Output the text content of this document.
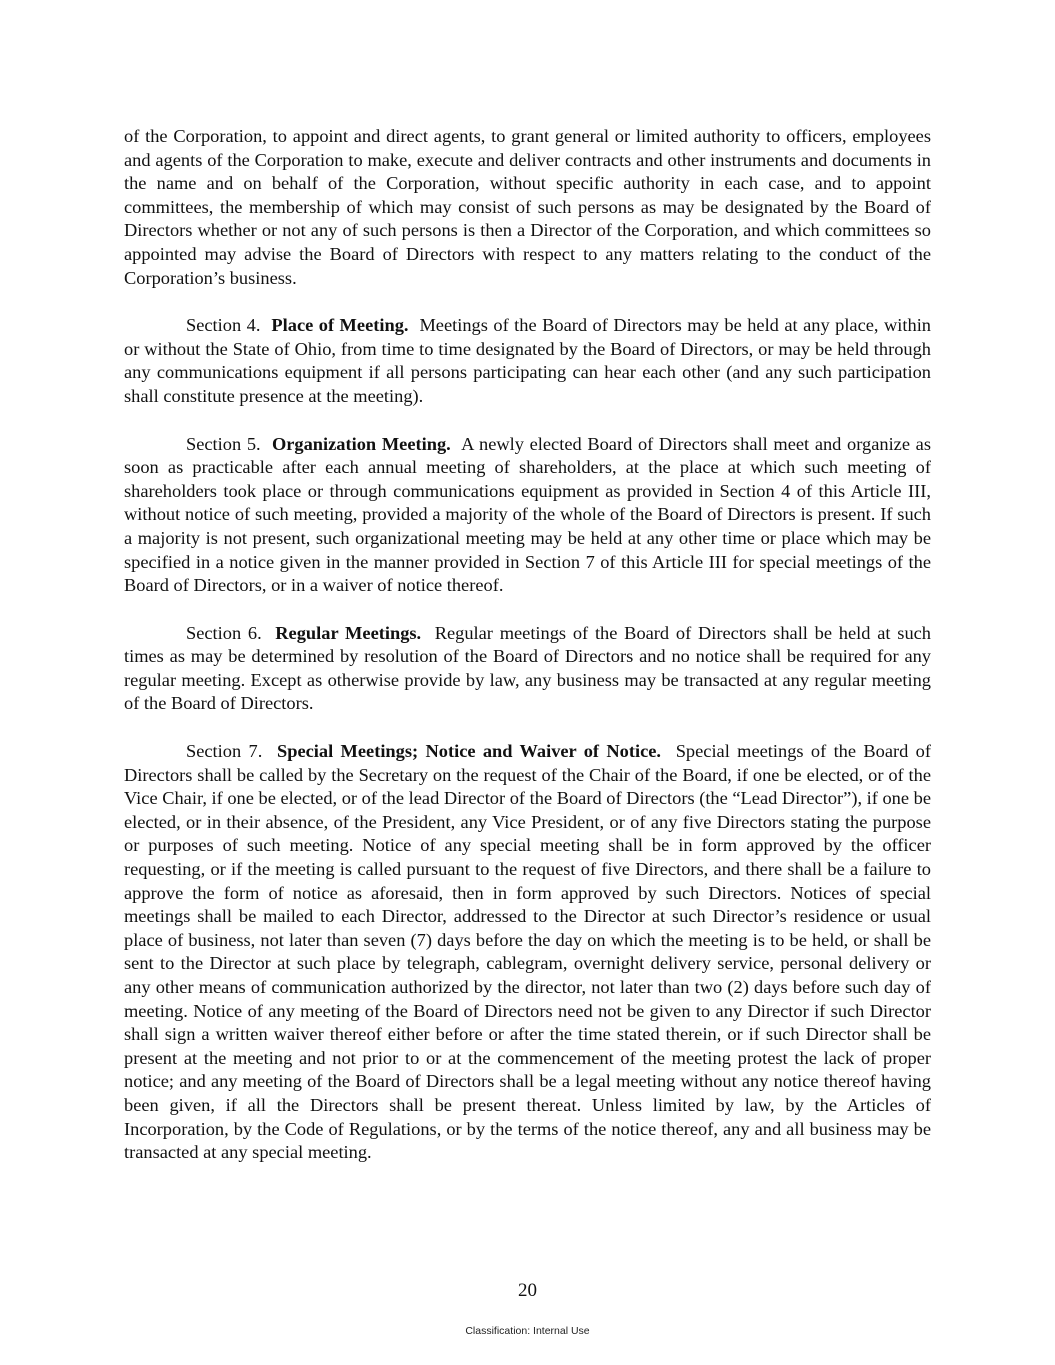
of the Corporation, to appoint and direct agents, to grant general or limited authority to officers, employees and agents of the Corporation to make, execute and deliver contracts and other instruments and documents in the name and on behalf of the Corporation, without specific authority in each case, and to appoint committees, the membership of which may consist of such persons as may be designated by the Board of Directors whether or not any of such persons is then a Director of the Corporation, and which committees so appointed may advise the Board of Directors with respect to any matters relating to the conduct of the Corporation’s business.

Section 4. Place of Meeting. Meetings of the Board of Directors may be held at any place, within or without the State of Ohio, from time to time designated by the Board of Directors, or may be held through any communications equipment if all persons participating can hear each other (and any such participation shall constitute presence at the meeting).

Section 5. Organization Meeting. A newly elected Board of Directors shall meet and organize as soon as practicable after each annual meeting of shareholders, at the place at which such meeting of shareholders took place or through communications equipment as provided in Section 4 of this Article III, without notice of such meeting, provided a majority of the whole of the Board of Directors is present. If such a majority is not present, such organizational meeting may be held at any other time or place which may be specified in a notice given in the manner provided in Section 7 of this Article III for special meetings of the Board of Directors, or in a waiver of notice thereof.

Section 6. Regular Meetings. Regular meetings of the Board of Directors shall be held at such times as may be determined by resolution of the Board of Directors and no notice shall be required for any regular meeting. Except as otherwise provide by law, any business may be transacted at any regular meeting of the Board of Directors.

Section 7. Special Meetings; Notice and Waiver of Notice. Special meetings of the Board of Directors shall be called by the Secretary on the request of the Chair of the Board, if one be elected, or of the Vice Chair, if one be elected, or of the lead Director of the Board of Directors (the “Lead Director”), if one be elected, or in their absence, of the President, any Vice President, or of any five Directors stating the purpose or purposes of such meeting. Notice of any special meeting shall be in form approved by the officer requesting, or if the meeting is called pursuant to the request of five Directors, and there shall be a failure to approve the form of notice as aforesaid, then in form approved by such Directors. Notices of special meetings shall be mailed to each Director, addressed to the Director at such Director’s residence or usual place of business, not later than seven (7) days before the day on which the meeting is to be held, or shall be sent to the Director at such place by telegraph, cablegram, overnight delivery service, personal delivery or any other means of communication authorized by the director, not later than two (2) days before such day of meeting. Notice of any meeting of the Board of Directors need not be given to any Director if such Director shall sign a written waiver thereof either before or after the time stated therein, or if such Director shall be present at the meeting and not prior to or at the commencement of the meeting protest the lack of proper notice; and any meeting of the Board of Directors shall be a legal meeting without any notice thereof having been given, if all the Directors shall be present thereat. Unless limited by law, by the Articles of Incorporation, by the Code of Regulations, or by the terms of the notice thereof, any and all business may be transacted at any special meeting.

20
Classification: Internal Use
